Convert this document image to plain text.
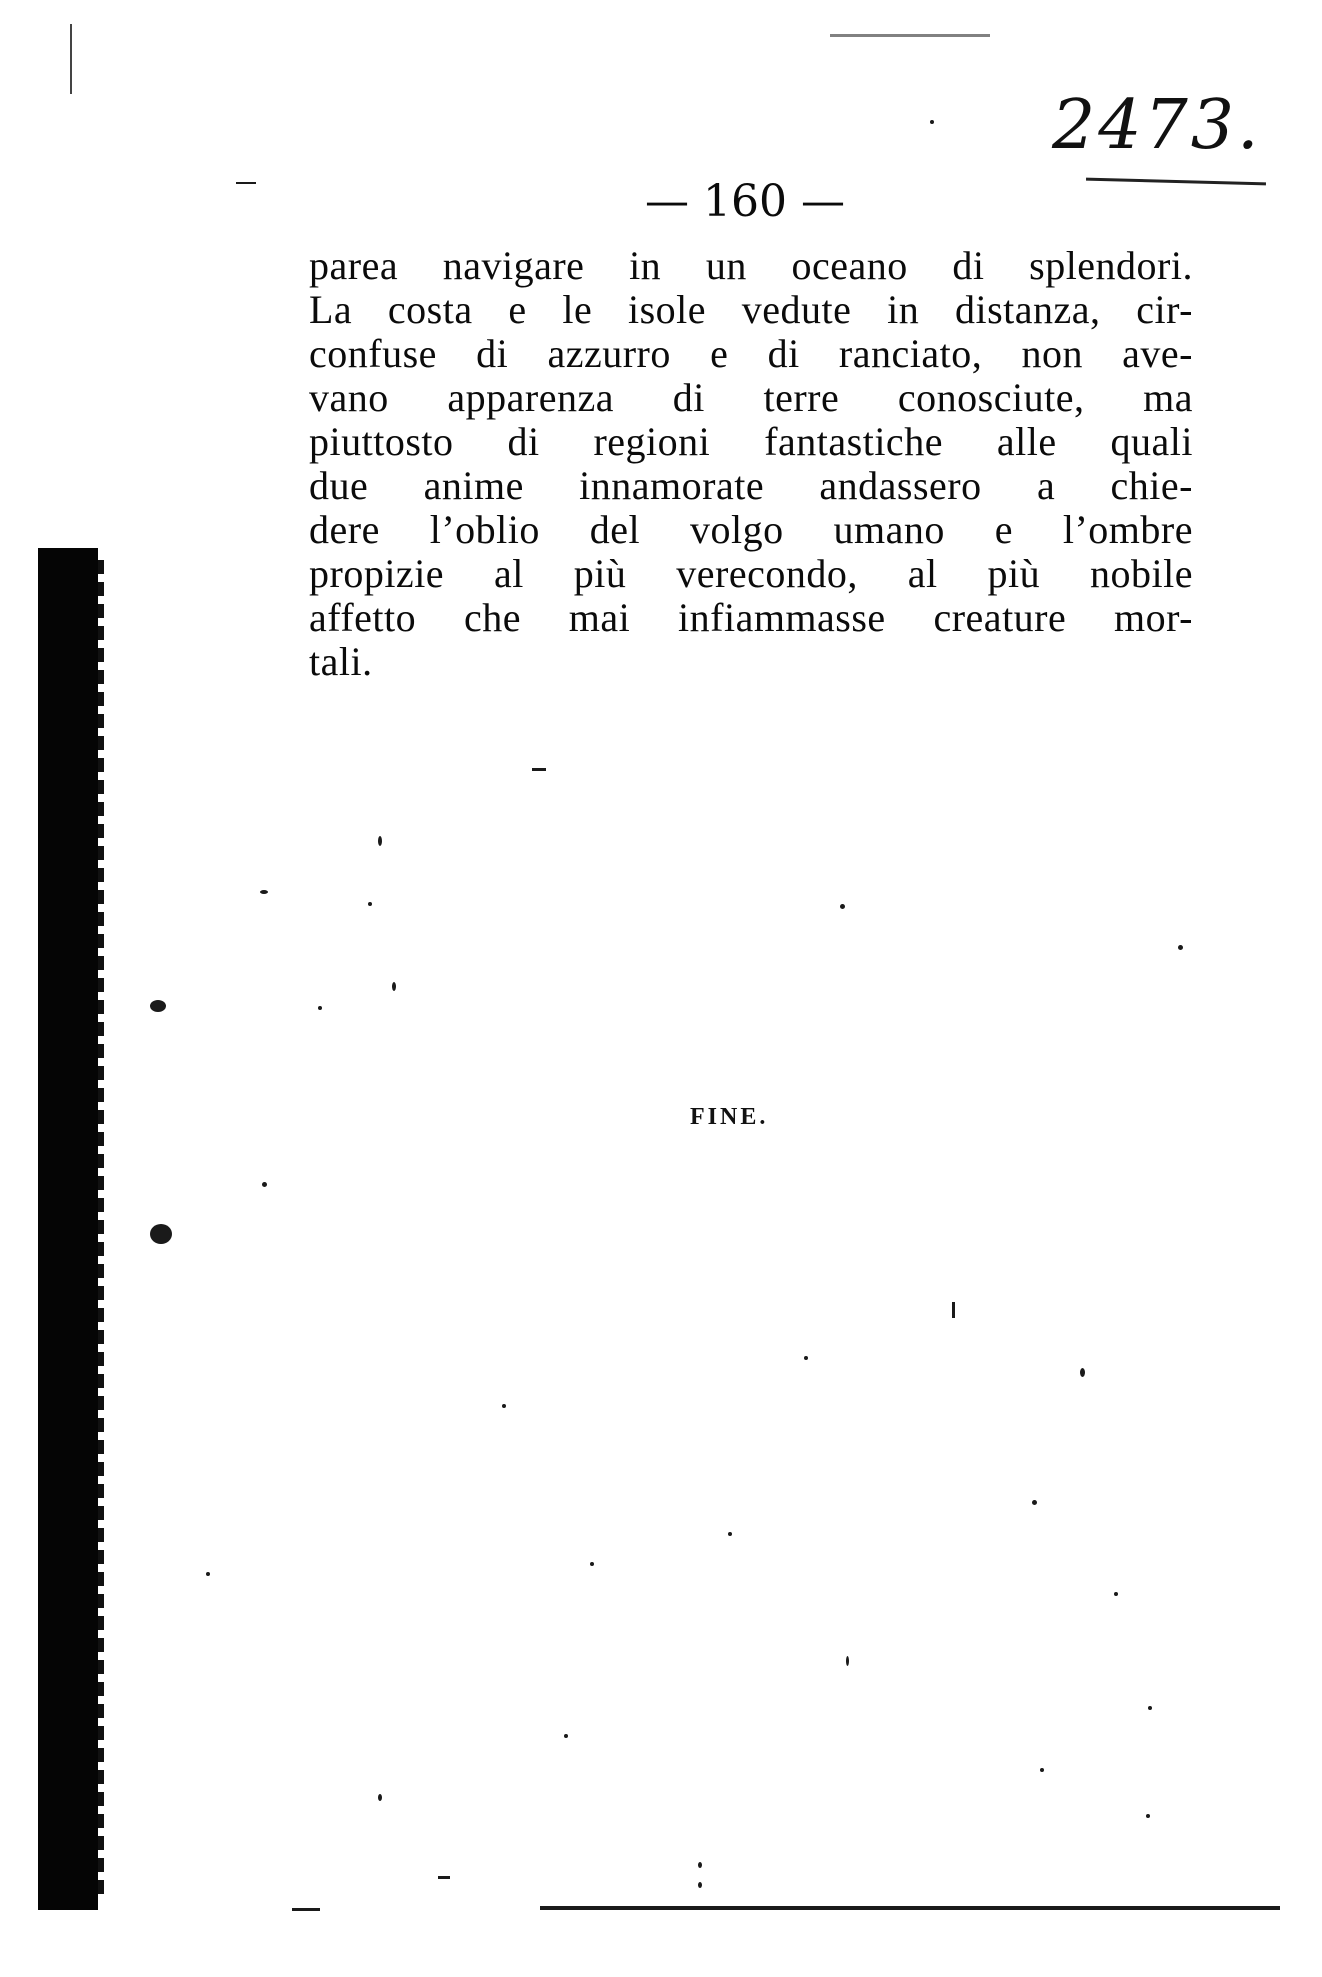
2473.
— 160 —
parea navigare in un oceano di splendori.
La costa e le isole vedute in distanza, cir-
confuse di azzurro e di ranciato, non ave-
vano apparenza di terre conosciute, ma
piuttosto di regioni fantastiche alle quali
due anime innamorate andassero a chie-
dere l’oblio del volgo umano e l’ombre
propizie al più verecondo, al più nobile
affetto che mai infiammasse creature mor-
tali.
FINE.
